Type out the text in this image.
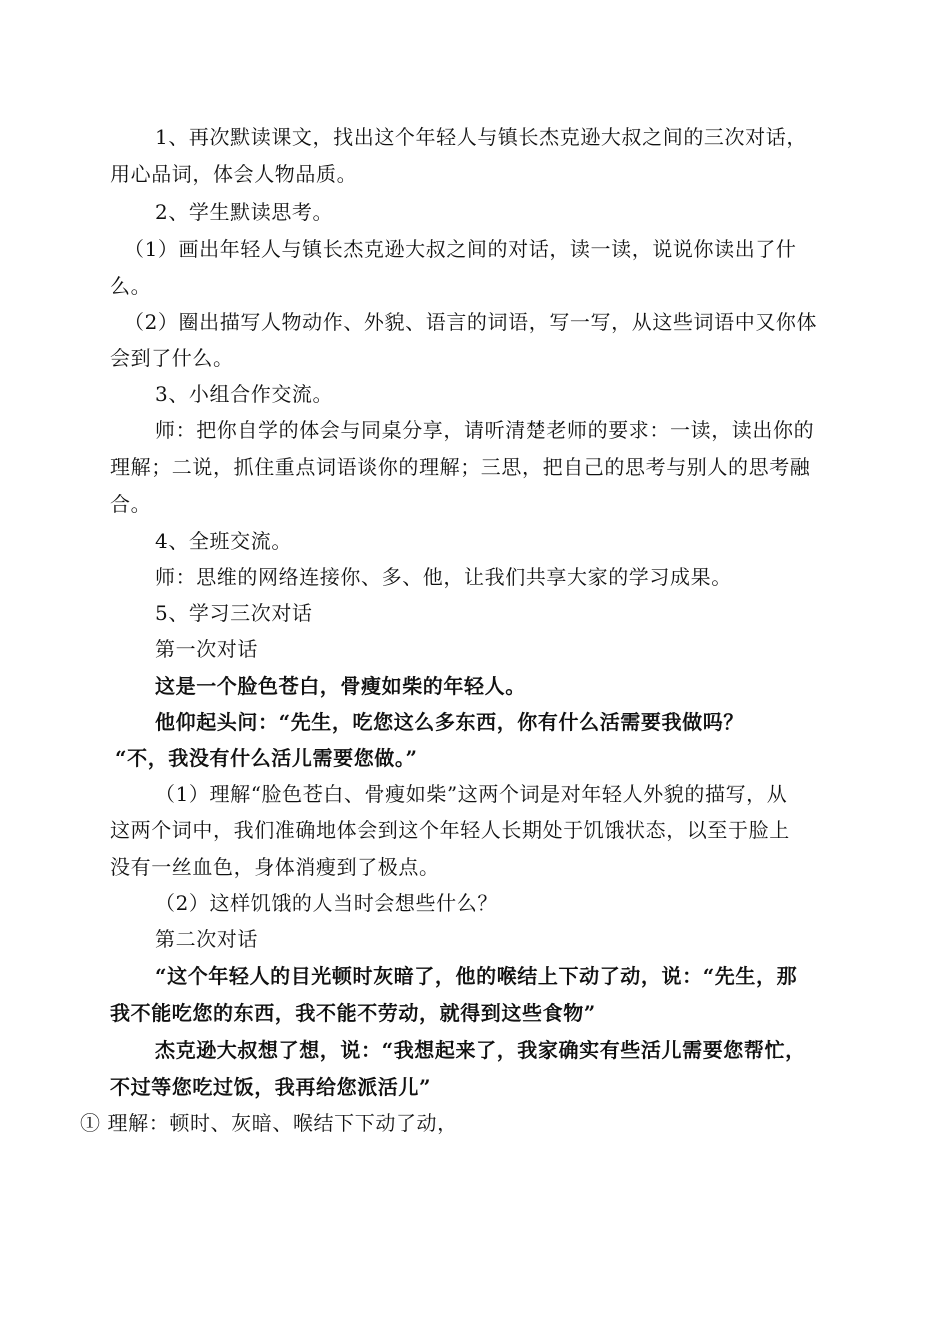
1、再次默读课文，找出这个年轻人与镇长杰克逊大叔之间的三次对话，
用心品词，体会人物品质。
2、学生默读思考。
（1）画出年轻人与镇长杰克逊大叔之间的对话，读一读，说说你读出了什
么。
（2）圈出描写人物动作、外貌、语言的词语，写一写，从这些词语中又你体
会到了什么。
3、小组合作交流。
师：把你自学的体会与同桌分享，请听清楚老师的要求：一读，读出你的
理解；二说，抓住重点词语谈你的理解；三思，把自己的思考与别人的思考融
合。
4、全班交流。
师：思维的网络连接你、多、他，让我们共享大家的学习成果。
5、学习三次对话
第一次对话
这是一个脸色苍白，骨瘦如柴的年轻人。
他仰起头问：“先生，吃您这么多东西，你有什么活需要我做吗？
“不，我没有什么活儿需要您做。”
（1）理解“脸色苍白、骨瘦如柴”这两个词是对年轻人外貌的描写，从
这两个词中，我们准确地体会到这个年轻人长期处于饥饿状态，以至于脸上
没有一丝血色，身体消瘦到了极点。
（2）这样饥饿的人当时会想些什么？
第二次对话
“这个年轻人的目光顿时灰暗了，他的喉结上下动了动，说：“先生，那
我不能吃您的东西，我不能不劳动，就得到这些食物”
杰克逊大叔想了想，说：“我想起来了，我家确实有些活儿需要您帮忙，
不过等您吃过饭，我再给您派活儿”
① 理解：顿时、灰暗、喉结下下动了动，
